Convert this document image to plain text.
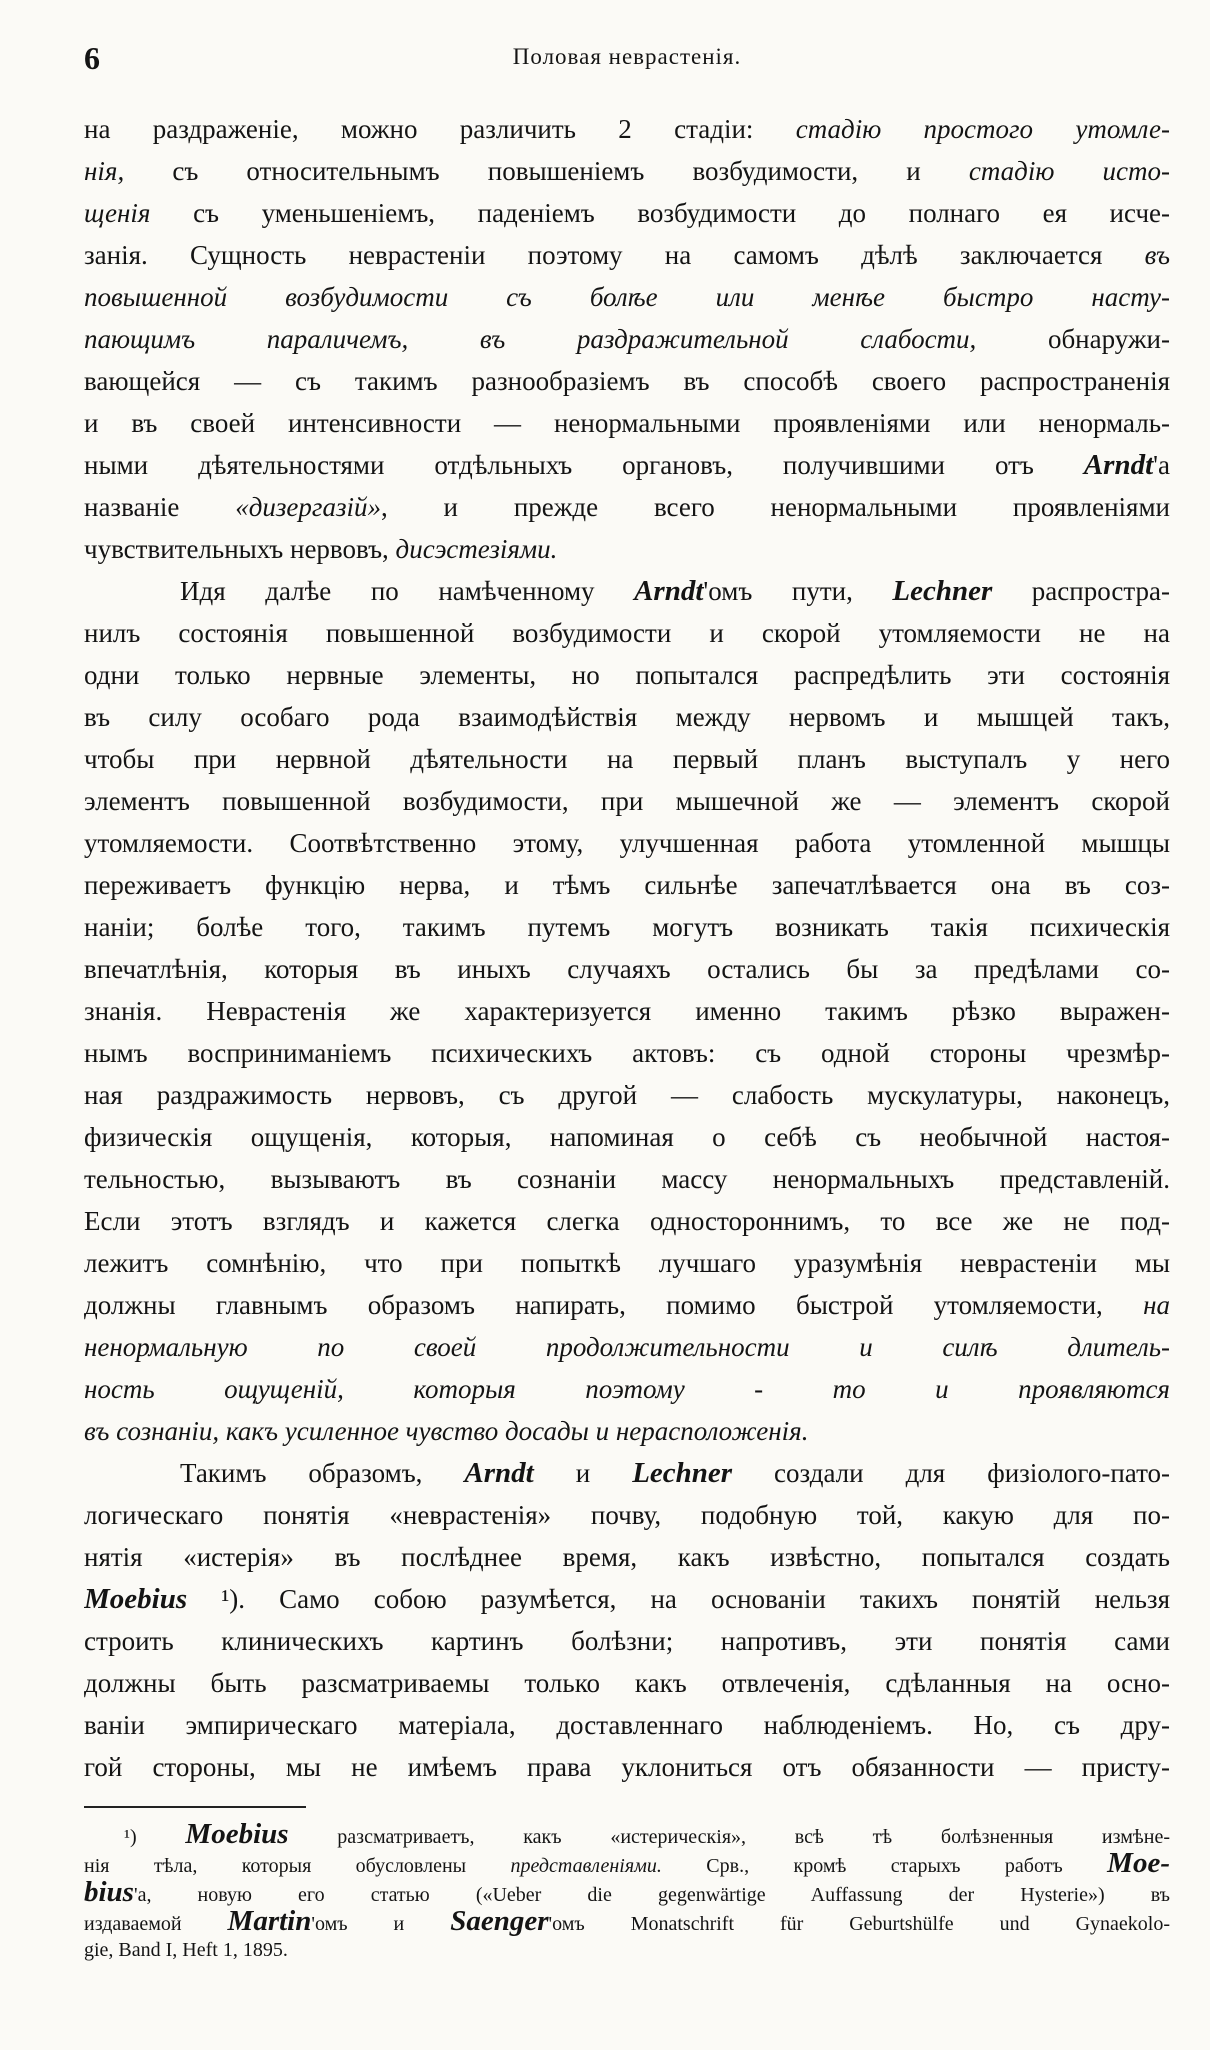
6	Половая неврастенія.
на раздраженіе, можно различить 2 стадіи: стадію простого утомле-
нія, съ относительнымъ повышеніемъ возбудимости, и стадію исто-
щенія съ уменьшеніемъ, паденіемъ возбудимости до полнаго ея исче-
занія. Сущность неврастеніи поэтому на самомъ дѣлѣ заключается въ
повышенной возбудимости съ болѣе или менѣе быстро насту-
пающимъ параличемъ, въ раздражительной слабости, обнаружи-
вающейся — съ такимъ разнообразіемъ въ способѣ своего распространенія
и въ своей интенсивности — ненормальными проявленіями или ненормаль-
ными дѣятельностями отдѣльныхъ органовъ, получившими отъ Arndt'а
названіе «дизергазій», и прежде всего ненормальными проявленіями
чувствительныхъ нервовъ, дисэстезіями.
Идя далѣе по намѣченному Arndt'омъ пути, Lechner распростра-
нилъ состоянія повышенной возбудимости и скорой утомляемости не на
одни только нервные элементы, но попытался распредѣлить эти состоянія
въ силу особаго рода взаимодѣйствія между нервомъ и мышцей такъ,
чтобы при нервной дѣятельности на первый планъ выступалъ у него
элементъ повышенной возбудимости, при мышечной же — элементъ скорой
утомляемости. Соотвѣтственно этому, улучшенная работа утомленной мышцы
переживаетъ функцію нерва, и тѣмъ сильнѣе запечатлѣвается она въ соз-
наніи; болѣе того, такимъ путемъ могутъ возникать такія психическія
впечатлѣнія, которыя въ иныхъ случаяхъ остались бы за предѣлами со-
знанія. Неврастенія же характеризуется именно такимъ рѣзко выражен-
нымъ восприниманіемъ психическихъ актовъ: съ одной стороны чрезмѣр-
ная раздражимость нервовъ, съ другой — слабость мускулатуры, наконецъ,
физическія ощущенія, которыя, напоминая о себѣ съ необычной настоя-
тельностью, вызываютъ въ сознаніи массу ненормальныхъ представленій.
Если этотъ взглядъ и кажется слегка одностороннимъ, то все же не под-
лежитъ сомнѣнію, что при попыткѣ лучшаго уразумѣнія неврастеніи мы
должны главнымъ образомъ напирать, помимо быстрой утомляемости, на
ненормальную по своей продолжительности и силѣ длитель-
ность ощущеній, которыя поэтому - то и проявляются
въ сознаніи, какъ усиленное чувство досады и нерасположенія.
Такимъ образомъ, Arndt и Lechner создали для физіолого-пато-
логическаго понятія «неврастенія» почву, подобную той, какую для по-
нятія «истерія» въ послѣднее время, какъ извѣстно, попытался создать
Moebius ¹). Само собою разумѣется, на основаніи такихъ понятій нельзя
строить клиническихъ картинъ болѣзни; напротивъ, эти понятія сами
должны быть разсматриваемы только какъ отвлеченія, сдѣланныя на осно-
ваніи эмпирическаго матеріала, доставленнаго наблюденіемъ. Но, съ дру-
гой стороны, мы не имѣемъ права уклониться отъ обязанности — присту-
¹) Moebius разсматриваетъ, какъ «истерическія», всѣ тѣ болѣзненныя измѣне-
нія тѣла, которыя обусловлены представленіями. Срв., кромѣ старыхъ работъ Moe-
bius'а, новую его статью («Ueber die gegenwärtige Auffassung der Hysterie») въ
издаваемой Martin'омъ и Saenger'омъ Monatschrift für Geburtshülfe und Gynaekolo-
gie, Band I, Heft 1, 1895.
